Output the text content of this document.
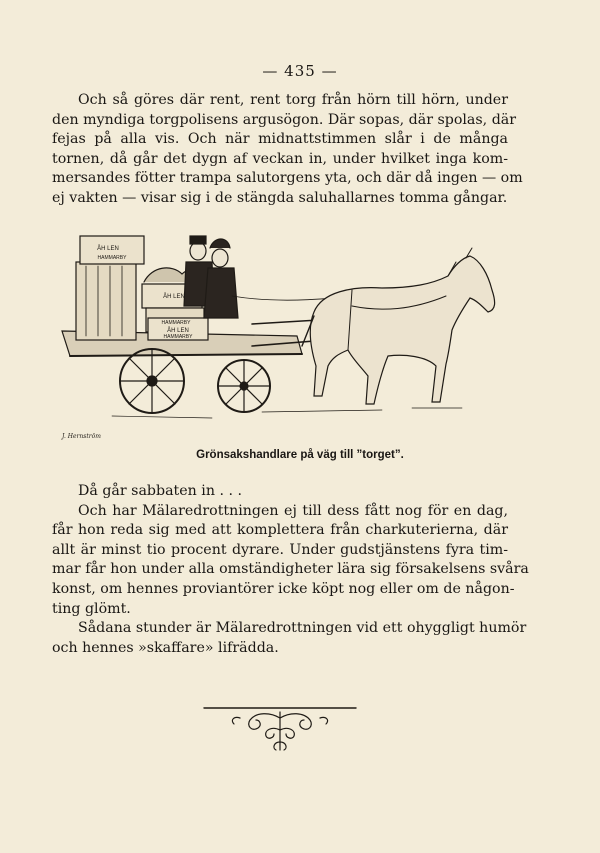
— 435 —
Och så göres där rent, rent torg från hörn till hörn, under
den myndiga torgpolisens argusögon. Där sopas, där spolas, där
fejas på alla vis. Och när midnattstimmen slår i de många
tornen, då går det dygn af veckan in, under hvilket inga kom-
mersandes fötter trampa salutorgens yta, och där då ingen — om
ej vakten — visar sig i de stängda saluhallarnes tomma gångar.
ÅH LEN
HAMMARBY
ÅH LEN
HAMMARBY
ÅH LEN
HAMMARBY
J. Hernström
Grönsakshandlare på väg till ”torget”.
Då går sabbaten in . . .
Och har Mälaredrottningen ej till dess fått nog för en dag,
får hon reda sig med att komplettera från charkuterierna, där
allt är minst tio procent dyrare. Under gudstjänstens fyra tim-
mar får hon under alla omständigheter lära sig försakelsens svåra
konst, om hennes proviantörer icke köpt nog eller om de någon-
ting glömt.
Sådana stunder är Mälaredrottningen vid ett ohyggligt humör
och hennes »skaffare» lifrädda.
